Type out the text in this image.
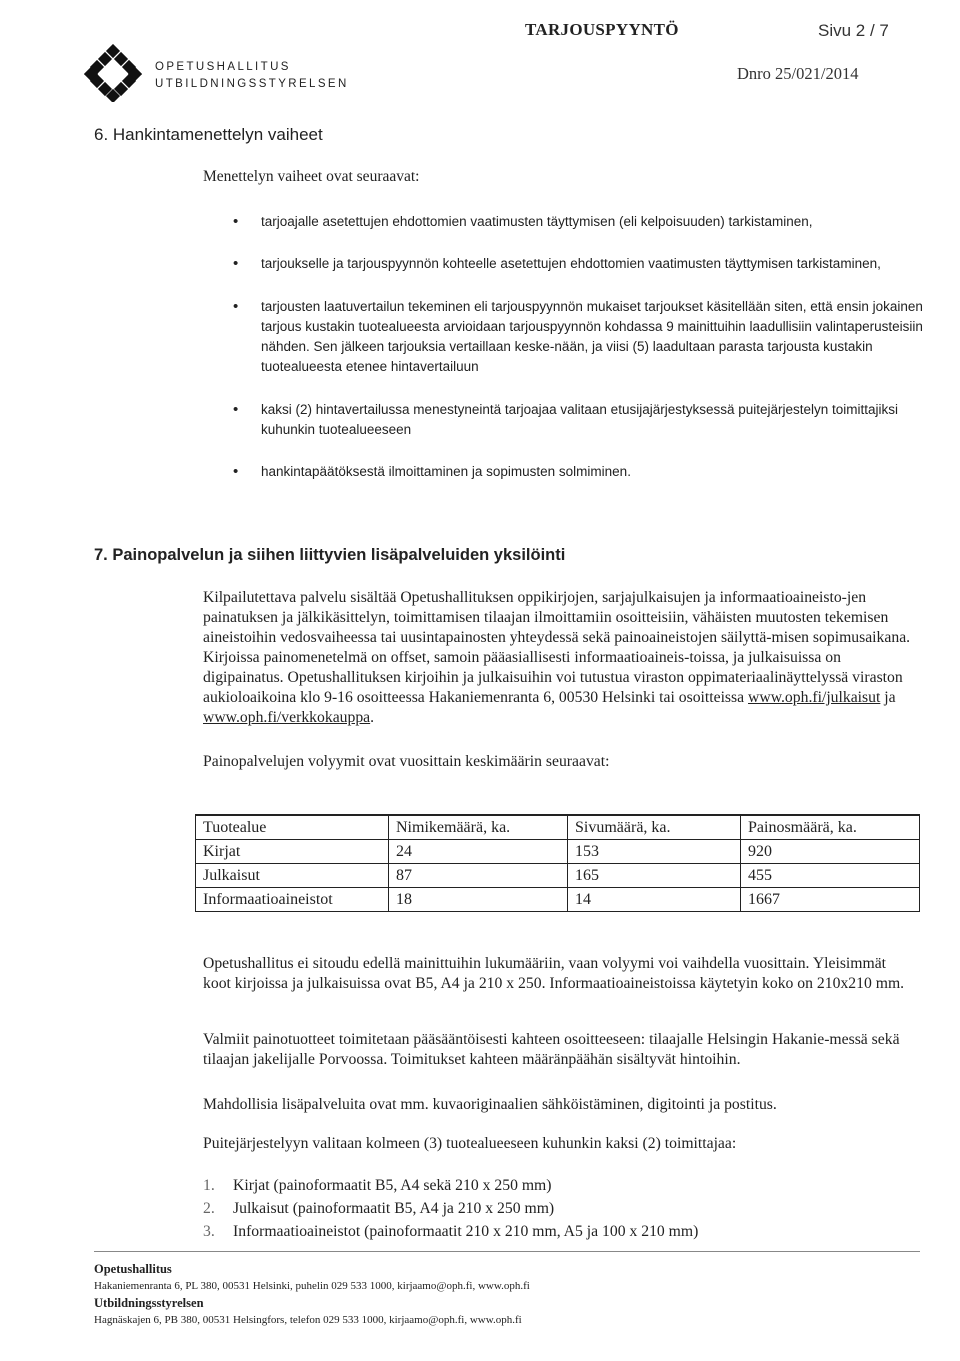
OPETUSHALLITUS
UTBILDNINGSSTYRELSEN
TARJOUSPYYNTÖ	Sivu 2 / 7
Dnro 25/021/2014
6. Hankintamenettelyn vaiheet
Menettelyn vaiheet ovat seuraavat:
• tarjoajalle asetettujen ehdottomien vaatimusten täyttymisen (eli kelpoisuuden) tarkistaminen,
• tarjoukselle ja tarjouspyynnön kohteelle asetettujen ehdottomien vaatimusten täyttymisen tarkistaminen,
• tarjousten laatuvertailun tekeminen eli tarjouspyynnön mukaiset tarjoukset käsitellään siten, että ensin jokainen tarjous kustakin tuotealueesta arvioidaan tarjouspyynnön kohdassa 9 mainittuihin laadullisiin valintaperusteisiin nähden. Sen jälkeen tarjouksia vertaillaan keske-nään, ja viisi (5) laadultaan parasta tarjousta kustakin tuotealueesta etenee hintavertailuun
• kaksi (2) hintavertailussa menestyneintä tarjoajaa valitaan etusijajärjestyksessä puitejärjestelyn toimittajiksi kuhunkin tuotealueeseen
• hankintapäätöksestä ilmoittaminen ja sopimusten solmiminen.
7. Painopalvelun ja siihen liittyvien lisäpalveluiden yksilöinti
Kilpailutettava palvelu sisältää Opetushallituksen oppikirjojen, sarjajulkaisujen ja informaatioaineisto-jen painatuksen ja jälkikäsittelyn, toimittamisen tilaajan ilmoittamiin osoitteisiin, vähäisten muutosten tekemisen aineistoihin vedosvaiheessa tai uusintapainosten yhteydessä sekä painoaineistojen säilyttä-misen sopimusaikana. Kirjoissa painomenetelmä on offset, samoin pääasiallisesti informaatioaineis-toissa, ja julkaisuissa on digipainatus. Opetushallituksen kirjoihin ja julkaisuihin voi tutustua viraston oppimateriaalinäyttelyssä viraston aukioloaikoina klo 9-16 osoitteessa Hakaniemenranta 6, 00530 Helsinki tai osoitteissa www.oph.fi/julkaisut ja www.oph.fi/verkkokauppa.
Painopalvelujen volyymit ovat vuosittain keskimäärin seuraavat:
Tuotealue	Nimikemäärä, ka.	Sivumäärä, ka.	Painosmäärä, ka.
Kirjat	24	153	920
Julkaisut	87	165	455
Informaatioaineistot	18	14	1667
Opetushallitus ei sitoudu edellä mainittuihin lukumääriin, vaan volyymi voi vaihdella vuosittain. Yleisimmät koot kirjoissa ja julkaisuissa ovat B5, A4 ja 210 x 250. Informaatioaineistoissa käytetyin koko on 210x210 mm.
Valmiit painotuotteet toimitetaan pääsääntöisesti kahteen osoitteeseen: tilaajalle Helsingin Hakanie-messä sekä tilaajan jakelijalle Porvoossa. Toimitukset kahteen määränpäähän sisältyvät hintoihin.
Mahdollisia lisäpalveluita ovat mm. kuvaoriginaalien sähköistäminen, digitointi ja postitus.
Puitejärjestelyyn valitaan kolmeen (3) tuotealueeseen kuhunkin kaksi (2) toimittajaa:
1. Kirjat (painoformaatit B5, A4 sekä 210 x 250 mm)
2. Julkaisut (painoformaatit B5, A4 ja 210 x 250 mm)
3. Informaatioaineistot (painoformaatit 210 x 210 mm, A5 ja 100 x 210 mm)
Opetushallitus
Hakaniemenranta 6, PL 380, 00531 Helsinki, puhelin 029 533 1000, kirjaamo@oph.fi, www.oph.fi
Utbildningsstyrelsen
Hagnäskajen 6, PB 380, 00531 Helsingfors, telefon 029 533 1000, kirjaamo@oph.fi, www.oph.fi
